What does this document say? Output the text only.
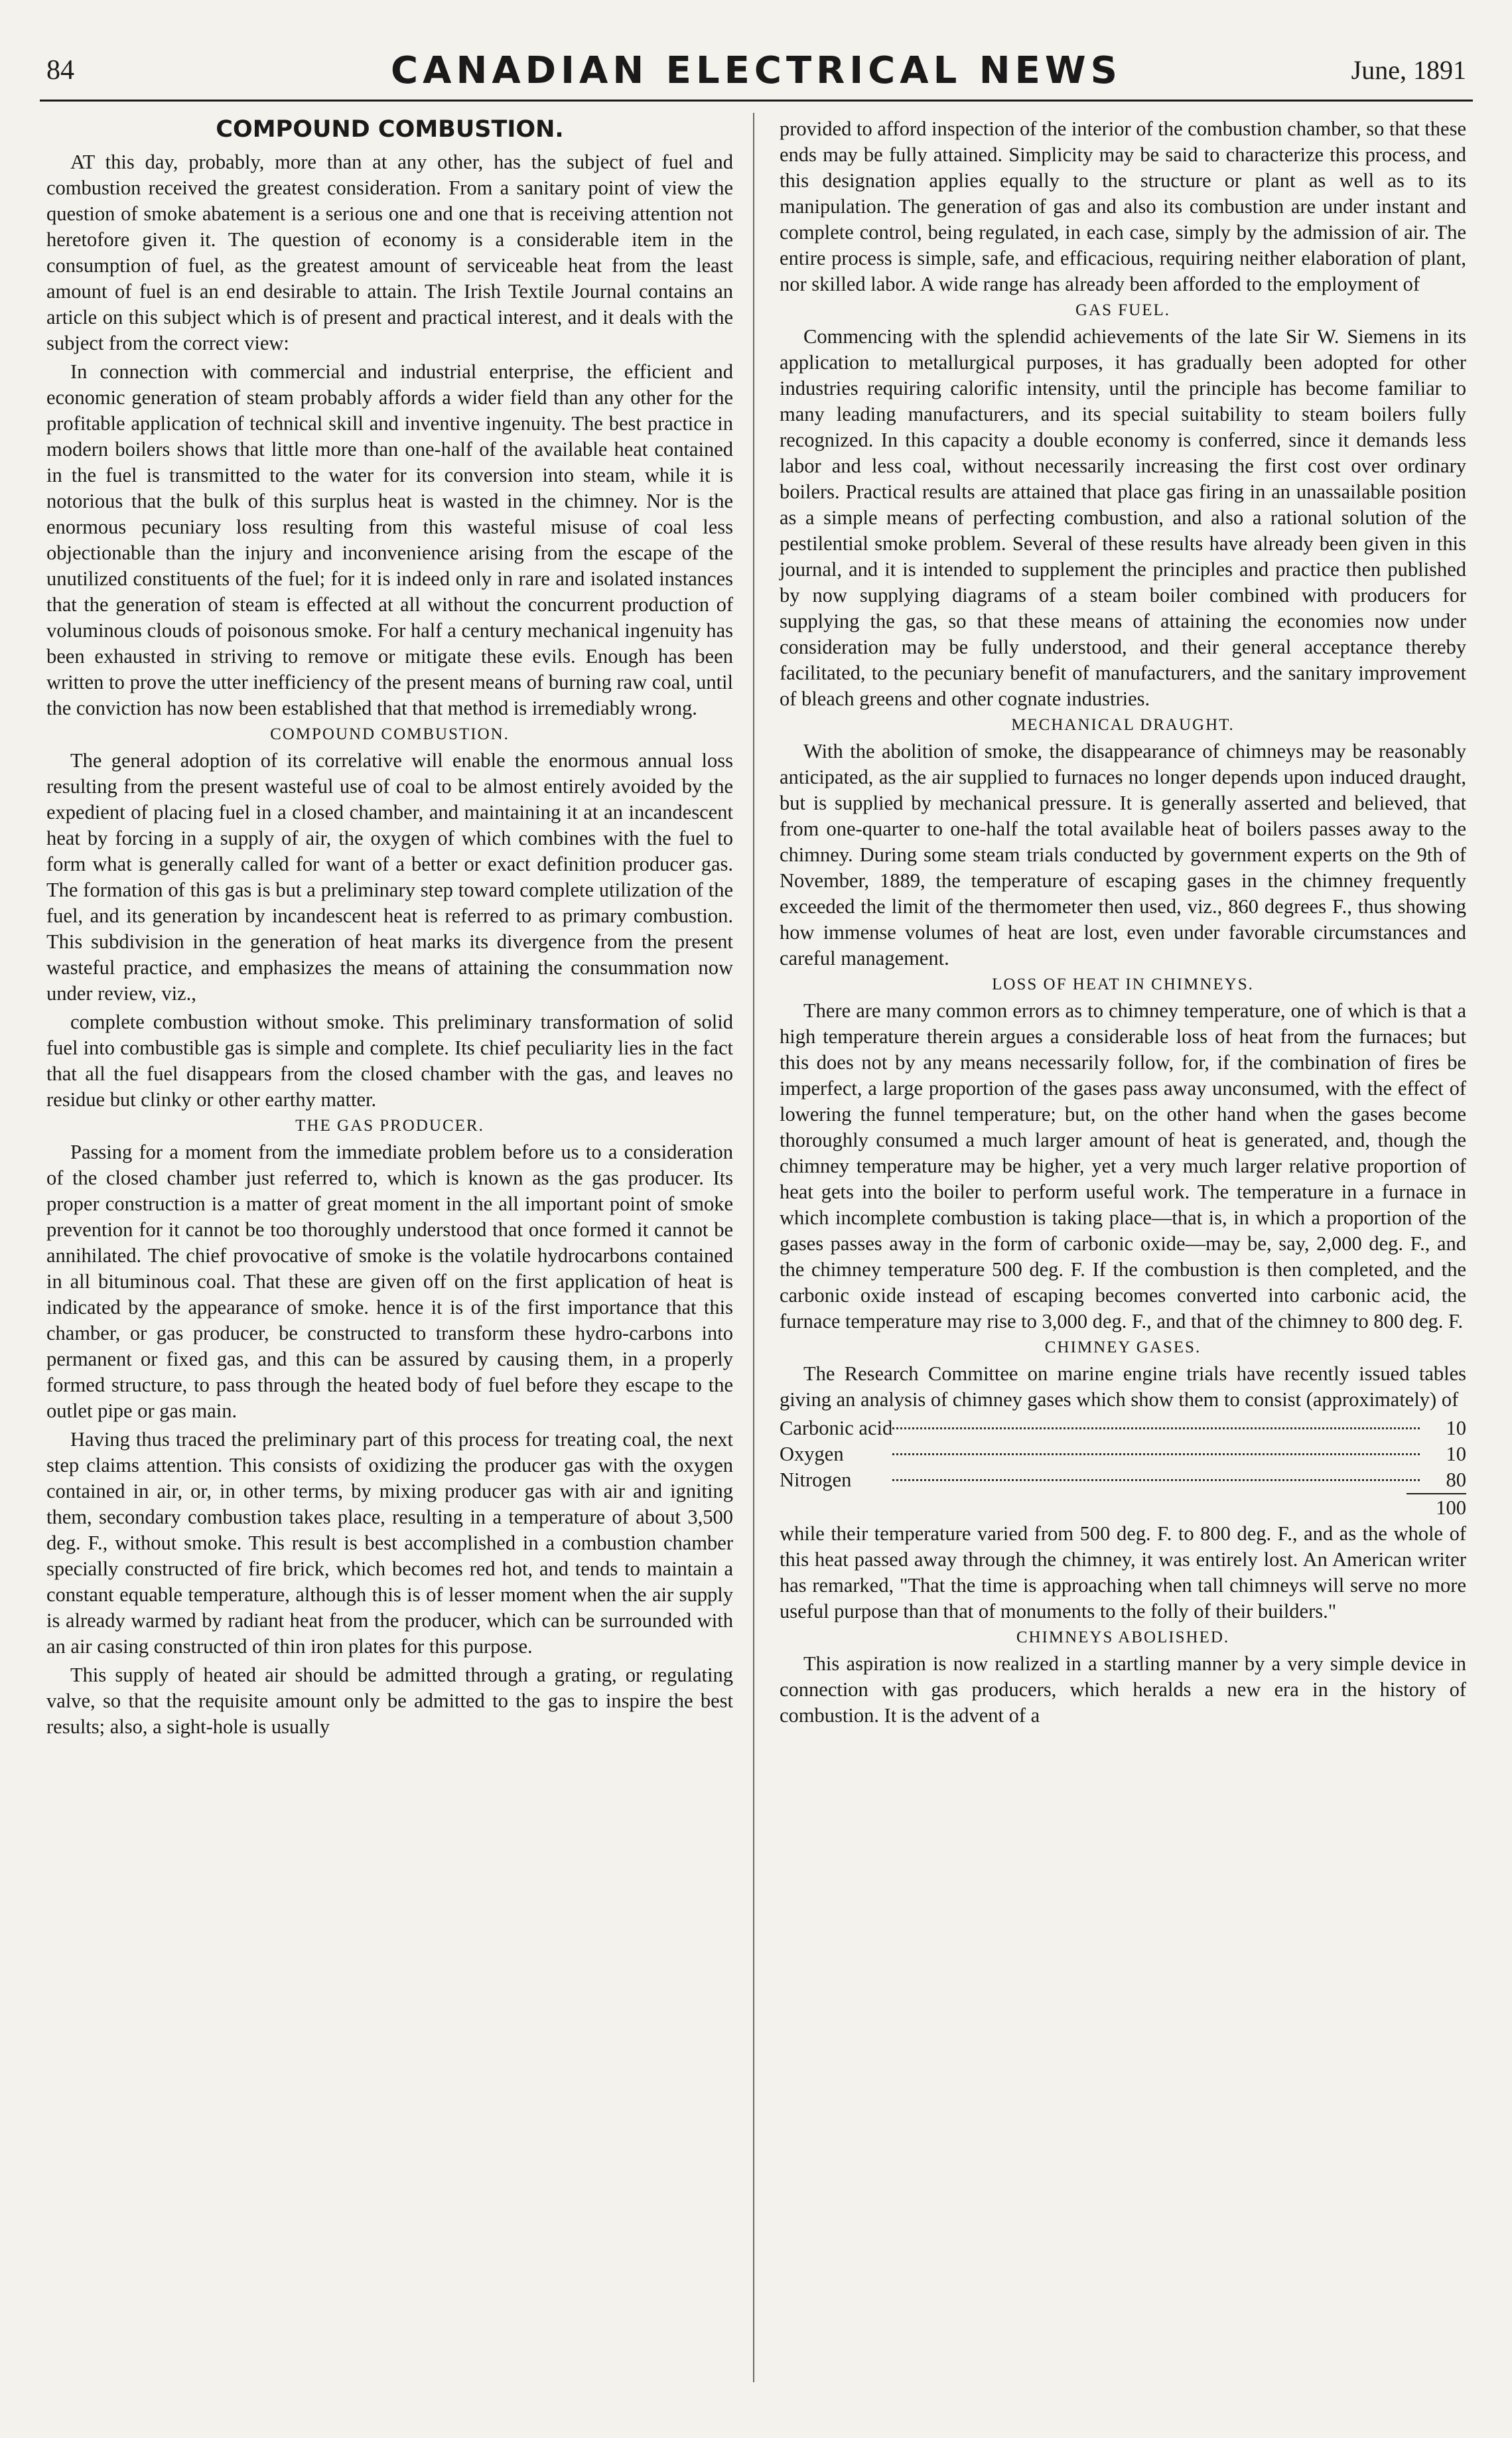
84	CANADIAN ELECTRICAL NEWS	June, 1891
COMPOUND COMBUSTION.

AT this day, probably, more than at any other, has the subject of fuel and combustion received the greatest consideration. From a sanitary point of view the question of smoke abatement is a serious one and one that is receiving attention not heretofore given it. The question of economy is a considerable item in the consumption of fuel, as the greatest amount of serviceable heat from the least amount of fuel is an end desirable to attain. The Irish Textile Journal contains an article on this subject which is of present and practical interest, and it deals with the subject from the correct view:

In connection with commercial and industrial enterprise, the efficient and economic generation of steam probably affords a wider field than any other for the profitable application of technical skill and inventive ingenuity. The best practice in modern boilers shows that little more than one-half of the available heat contained in the fuel is transmitted to the water for its conversion into steam, while it is notorious that the bulk of this surplus heat is wasted in the chimney. Nor is the enormous pecuniary loss resulting from this wasteful misuse of coal less objectionable than the injury and inconvenience arising from the escape of the unutilized constituents of the fuel; for it is indeed only in rare and isolated instances that the generation of steam is effected at all without the concurrent production of voluminous clouds of poisonous smoke. For half a century mechanical ingenuity has been exhausted in striving to remove or mitigate these evils. Enough has been written to prove the utter inefficiency of the present means of burning raw coal, until the conviction has now been established that that method is irremediably wrong.

COMPOUND COMBUSTION.

The general adoption of its correlative will enable the enormous annual loss resulting from the present wasteful use of coal to be almost entirely avoided by the expedient of placing fuel in a closed chamber, and maintaining it at an incandescent heat by forcing in a supply of air, the oxygen of which combines with the fuel to form what is generally called for want of a better or exact definition producer gas. The formation of this gas is but a preliminary step toward complete utilization of the fuel, and its generation by incandescent heat is referred to as primary combustion. This subdivision in the generation of heat marks its divergence from the present wasteful practice, and emphasizes the means of attaining the consummation now under review, viz.,

complete combustion without smoke. This preliminary transformation of solid fuel into combustible gas is simple and complete. Its chief peculiarity lies in the fact that all the fuel disappears from the closed chamber with the gas, and leaves no residue but clinky or other earthy matter.

THE GAS PRODUCER.

Passing for a moment from the immediate problem before us to a consideration of the closed chamber just referred to, which is known as the gas producer. Its proper construction is a matter of great moment in the all important point of smoke prevention for it cannot be too thoroughly understood that once formed it cannot be annihilated. The chief provocative of smoke is the volatile hydrocarbons contained in all bituminous coal. That these are given off on the first application of heat is indicated by the appearance of smoke. hence it is of the first importance that this chamber, or gas producer, be constructed to transform these hydro-carbons into permanent or fixed gas, and this can be assured by causing them, in a properly formed structure, to pass through the heated body of fuel before they escape to the outlet pipe or gas main.

Having thus traced the preliminary part of this process for treating coal, the next step claims attention. This consists of oxidizing the producer gas with the oxygen contained in air, or, in other terms, by mixing producer gas with air and igniting them, secondary combustion takes place, resulting in a temperature of about 3,500 deg. F., without smoke. This result is best accomplished in a combustion chamber specially constructed of fire brick, which becomes red hot, and tends to maintain a constant equable temperature, although this is of lesser moment when the air supply is already warmed by radiant heat from the producer, which can be surrounded with an air casing constructed of thin iron plates for this purpose.

This supply of heated air should be admitted through a grating, or regulating valve, so that the requisite amount only be admitted to the gas to inspire the best results; also, a sight-hole is usually

provided to afford inspection of the interior of the combustion chamber, so that these ends may be fully attained. Simplicity may be said to characterize this process, and this designation applies equally to the structure or plant as well as to its manipulation. The generation of gas and also its combustion are under instant and complete control, being regulated, in each case, simply by the admission of air. The entire process is simple, safe, and efficacious, requiring neither elaboration of plant, nor skilled labor. A wide range has already been afforded to the employment of

GAS FUEL.

Commencing with the splendid achievements of the late Sir W. Siemens in its application to metallurgical purposes, it has gradually been adopted for other industries requiring calorific intensity, until the principle has become familiar to many leading manufacturers, and its special suitability to steam boilers fully recognized. In this capacity a double economy is conferred, since it demands less labor and less coal, without necessarily increasing the first cost over ordinary boilers. Practical results are attained that place gas firing in an unassailable position as a simple means of perfecting combustion, and also a rational solution of the pestilential smoke problem. Several of these results have already been given in this journal, and it is intended to supplement the principles and practice then published by now supplying diagrams of a steam boiler combined with producers for supplying the gas, so that these means of attaining the economies now under consideration may be fully understood, and their general acceptance thereby facilitated, to the pecuniary benefit of manufacturers, and the sanitary improvement of bleach greens and other cognate industries.

MECHANICAL DRAUGHT.

With the abolition of smoke, the disappearance of chimneys may be reasonably anticipated, as the air supplied to furnaces no longer depends upon induced draught, but is supplied by mechanical pressure. It is generally asserted and believed, that from one-quarter to one-half the total available heat of boilers passes away to the chimney. During some steam trials conducted by government experts on the 9th of November, 1889, the temperature of escaping gases in the chimney frequently exceeded the limit of the thermometer then used, viz., 860 degrees F., thus showing how immense volumes of heat are lost, even under favorable circumstances and careful management.

LOSS OF HEAT IN CHIMNEYS.

There are many common errors as to chimney temperature, one of which is that a high temperature therein argues a considerable loss of heat from the furnaces; but this does not by any means necessarily follow, for, if the combination of fires be imperfect, a large proportion of the gases pass away unconsumed, with the effect of lowering the funnel temperature; but, on the other hand when the gases become thoroughly consumed a much larger amount of heat is generated, and, though the chimney temperature may be higher, yet a very much larger relative proportion of heat gets into the boiler to perform useful work. The temperature in a furnace in which incomplete combustion is taking place—that is, in which a proportion of the gases passes away in the form of carbonic oxide—may be, say, 2,000 deg. F., and the chimney temperature 500 deg. F. If the combustion is then completed, and the carbonic oxide instead of escaping becomes converted into carbonic acid, the furnace temperature may rise to 3,000 deg. F., and that of the chimney to 800 deg. F.

CHIMNEY GASES.

The Research Committee on marine engine trials have recently issued tables giving an analysis of chimney gases which show them to consist (approximately) of

Carbonic acid		10
Oxygen		10
Nitrogen		80
100

while their temperature varied from 500 deg. F. to 800 deg. F., and as the whole of this heat passed away through the chimney, it was entirely lost. An American writer has remarked, "That the time is approaching when tall chimneys will serve no more useful purpose than that of monuments to the folly of their builders."

CHIMNEYS ABOLISHED.

This aspiration is now realized in a startling manner by a very simple device in connection with gas producers, which heralds a new era in the history of combustion. It is the advent of a
